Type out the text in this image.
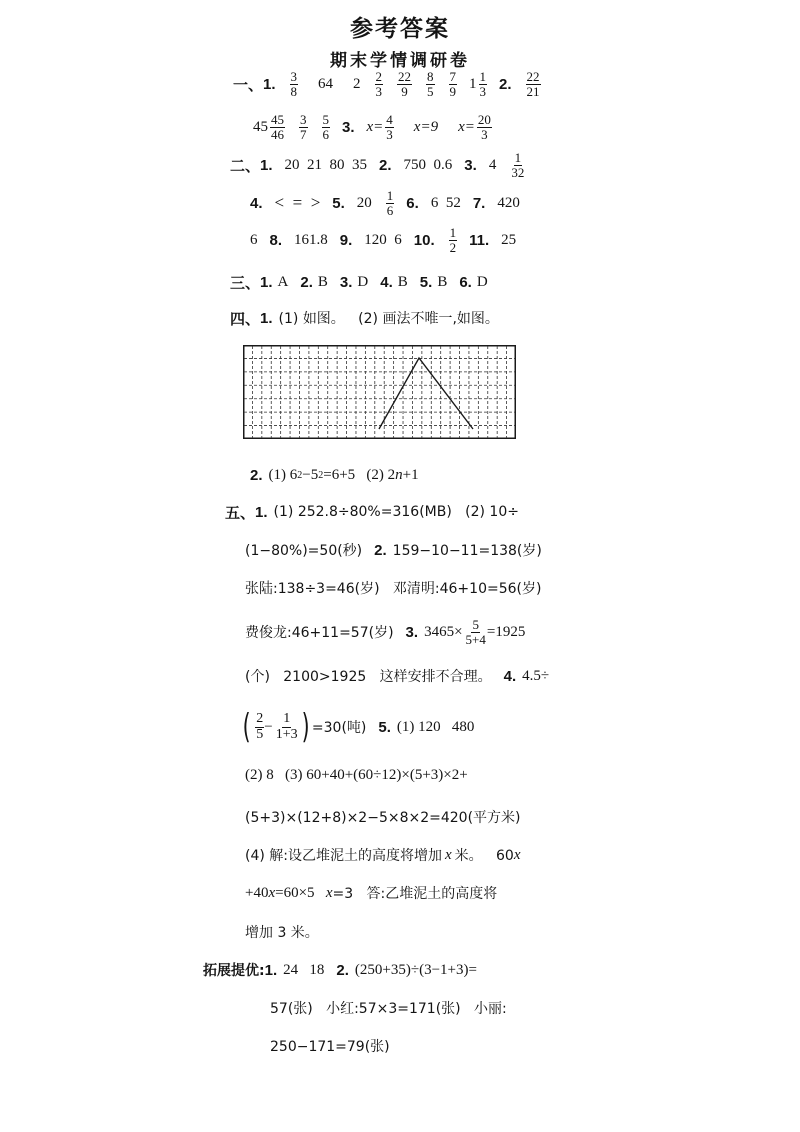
参考答案
期末学情调研卷
一、 1. $\frac{3}{8} 64$ $2 \frac{2}{3} \frac{22}{9} \frac{8}{5} \frac{7}{9} 1 \frac{1}{3} 2$. $\frac{22}{21}$
$45 \frac{45}{46} \frac{3}{7} \frac{5}{6} 3$. $x= \frac{4}{3} x=9$ $x= \frac{20}{3}$
二、 1. 20  21  80  35 2. 750  0.6 3. $4 \frac{1}{32}$
4. <  =  > 5. $20 \frac{1}{6} 6$. 6  52 7. 420
6 8. 161.8 9. 120  6 10. $\frac{1}{2} 11$. 25
三、 1. A 2. B 3. D 4. B 5. B 6. D
四、 1. (1) 如图。   (2) 画法不唯一,如图。
2. (1) 6 2 −5 2 =6+5   (2) 2 n +1
五、 1. (1) 252.8÷80%=316(MB)   (2) 10÷
(1−80%)=50(秒) 2. 159−10−11=138(岁)
张陆:138÷3=46(岁)   邓清明:46+10=56(岁)
费俊龙:46+11=57(岁) 3. $3465\times \frac{5}{5+4} =1925$
(个)   2100>1925   这样安排不合理。 4. 4.5÷
( $\frac{2}{5} - \frac{1}{1+3}$ ) =30(吨) 5. (1) 120   480
(2) 8   (3) 60+40+(60÷12)×(5+3)×2+
(5+3)×(12+8)×2−5×8×2=420(平方米)
(4) 解:设乙堆泥土的高度将增加 x 米。   60 x
+40 x =60×5 x =3   答:乙堆泥土的高度将
增加 3 米。
拓展提优: 1. 24   18 2. (250+35)÷(3−1+3)=
57(张)   小红:57×3=171(张)   小丽:
250−171=79(张)
